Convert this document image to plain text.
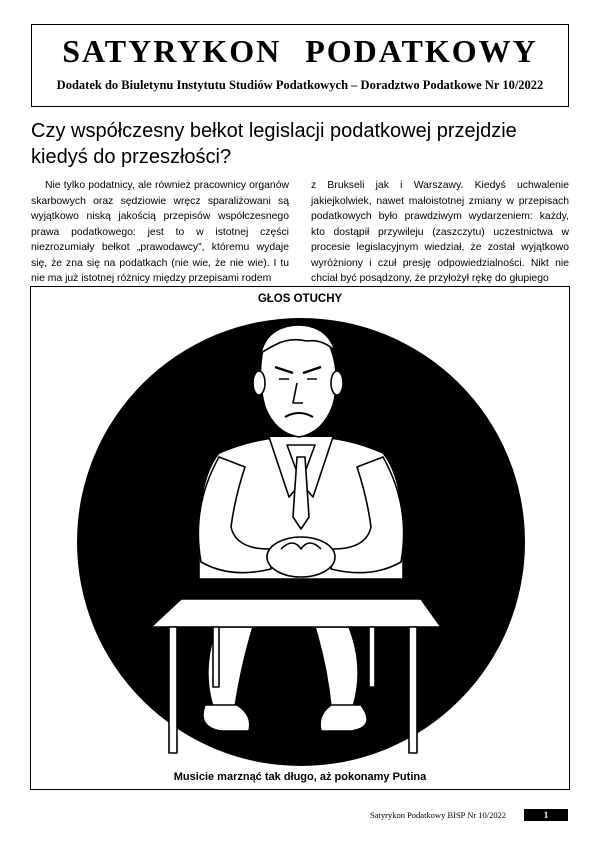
SATYRYKON PODATKOWY
Dodatek do Biuletynu Instytutu Studiów Podatkowych – Doradztwo Podatkowe Nr 10/2022
Czy współczesny bełkot legislacji podatkowej przejdzie kiedyś do przeszłości?

Nie tylko podatnicy, ale również pracownicy organów skarbowych oraz sędziowie wręcz sparaliżowani są wyjątkowo niską jakością przepisów współczesnego prawa podatkowego: jest to w istotnej części niezrozumiały bełkot „prawodawcy”, któremu wydaje się, że zna się na podatkach (nie wie, że nie wie). I tu nie ma już istotnej różnicy między przepisami rodem

z Brukseli jak i Warszawy. Kiedyś uchwalenie jakiejkolwiek, nawet małoistotnej zmiany w przepisach podatkowych było prawdziwym wydarzeniem: każdy, kto dostąpił przywileju (zaszczytu) uczestnictwa w procesie legislacyjnym wiedział, że został wyjątkowo wyróżniony i czuł presję odpowiedzialności. Nikt nie chciał być posądzony, że przyłożył rękę do głupiego

GŁOS OTUCHY
Musicie marznąć tak długo, aż pokonamy Putina
Satyrykon Podatkowy BISP Nr 10/2022	1
